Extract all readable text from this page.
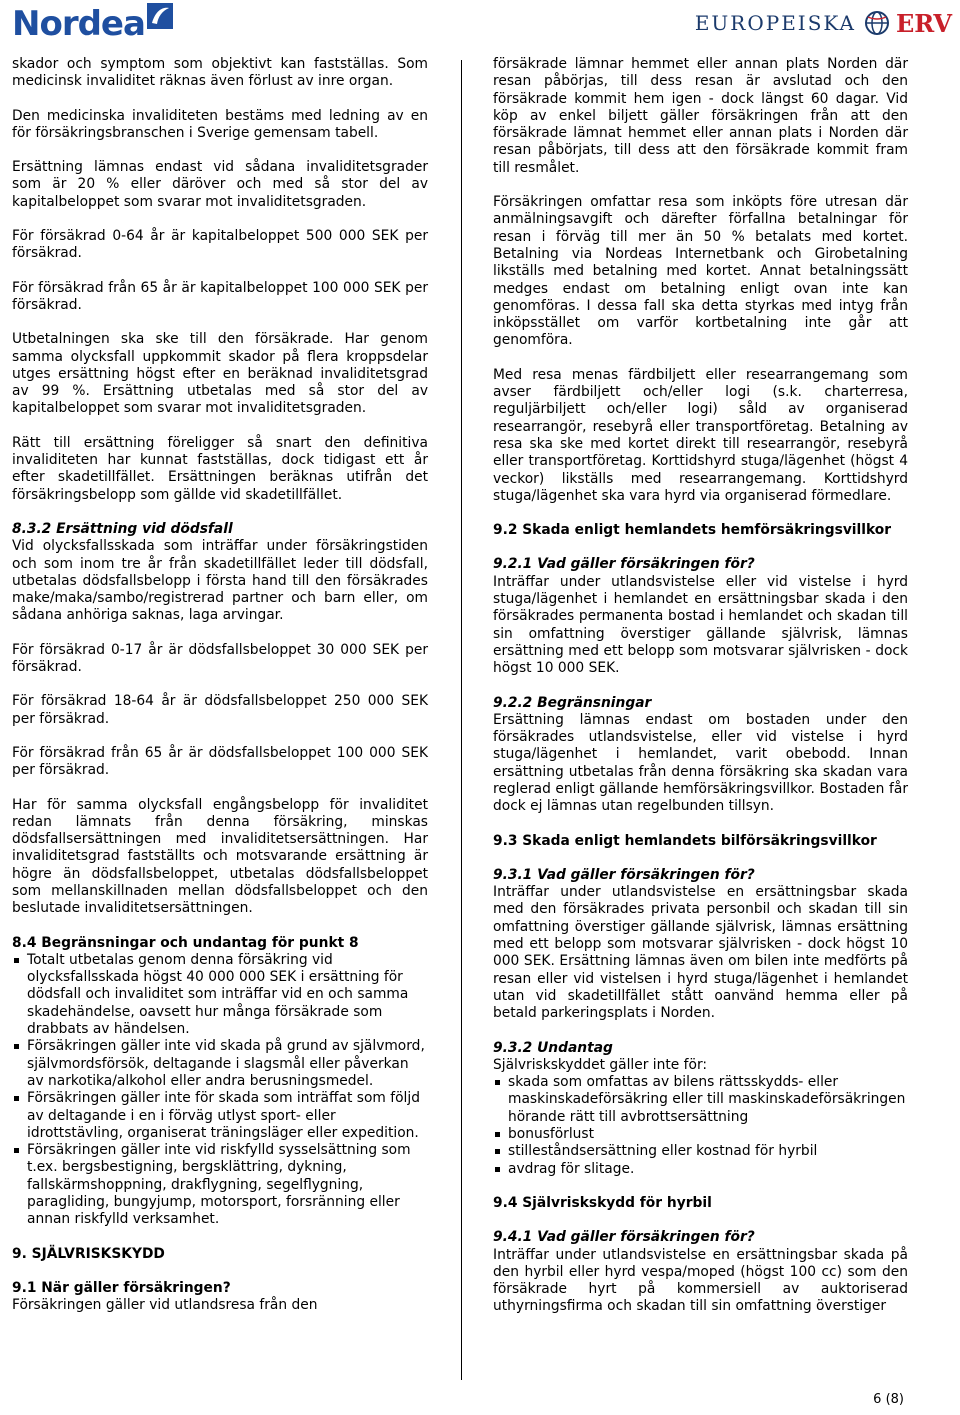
Nordea	EUROPEISKA ERV

skador och symptom som objektivt kan fastställas. Som medicinsk invaliditet räknas även förlust av inre organ.

Den medicinska invaliditeten bestäms med ledning av en för försäkringsbranschen i Sverige gemensam tabell.

Ersättning lämnas endast vid sådana invaliditetsgrader som är 20 % eller däröver och med så stor del av kapitalbeloppet som svarar mot invaliditetsgraden.

För försäkrad 0-64 år är kapitalbeloppet 500 000 SEK per försäkrad.

För försäkrad från 65 år är kapitalbeloppet 100 000 SEK per försäkrad.

Utbetalningen ska ske till den försäkrade. Har genom samma olycksfall uppkommit skador på flera kroppsdelar utges ersättning högst efter en beräknad invaliditetsgrad av 99 %. Ersättning utbetalas med så stor del av kapitalbeloppet som svarar mot invaliditetsgraden.

Rätt till ersättning föreligger så snart den definitiva invaliditeten har kunnat fastställas, dock tidigast ett år efter skadetillfället. Ersättningen beräknas utifrån det försäkringsbelopp som gällde vid skadetillfället.

8.3.2 Ersättning vid dödsfall

Vid olycksfallsskada som inträffar under försäkringstiden och som inom tre år från skadetillfället leder till dödsfall, utbetalas dödsfallsbelopp i första hand till den försäkrades make/maka/sambo/registrerad partner och barn eller, om sådana anhöriga saknas, laga arvingar.

För försäkrad 0-17 år är dödsfallsbeloppet 30 000 SEK per försäkrad.

För försäkrad 18-64 år är dödsfallsbeloppet 250 000 SEK per försäkrad.

För försäkrad från 65 år är dödsfallsbeloppet 100 000 SEK per försäkrad.

Har för samma olycksfall engångsbelopp för invaliditet redan lämnats från denna försäkring, minskas dödsfallsersättningen med invaliditetsersättningen. Har invaliditetsgrad fastställts och motsvarande ersättning är högre än dödsfallsbeloppet, utbetalas dödsfallsbeloppet som mellanskillnaden mellan dödsfallsbeloppet och den beslutade invaliditetsersättningen.

8.4 Begränsningar och undantag för punkt 8
Totalt utbetalas genom denna försäkring vid olycksfallsskada högst 40 000 000 SEK i ersättning för dödsfall och invaliditet som inträffar vid en och samma skadehändelse, oavsett hur många försäkrade som drabbats av händelsen.
Försäkringen gäller inte vid skada på grund av självmord, självmordsförsök, deltagande i slagsmål eller påverkan av narkotika/alkohol eller andra berusningsmedel.
Försäkringen gäller inte för skada som inträffat som följd av deltagande i en i förväg utlyst sport- eller idrottstävling, organiserat träningsläger eller expedition.
Försäkringen gäller inte vid riskfylld sysselsättning som t.ex. bergsbestigning, bergsklättring, dykning, fallskärmshoppning, drakflygning, segelflygning, paragliding, bungyjump, motorsport, forsränning eller annan riskfylld verksamhet.
9. SJÄLVRISKSKYDD
9.1 När gäller försäkringen?

Försäkringen gäller vid utlandsresa från den

försäkrade lämnar hemmet eller annan plats Norden där resan påbörjas, till dess resan är avslutad och den försäkrade kommit hem igen - dock längst 60 dagar. Vid köp av enkel biljett gäller försäkringen från att den försäkrade lämnat hemmet eller annan plats i Norden där resan påbörjats, till dess att den försäkrade kommit fram till resmålet.

Försäkringen omfattar resa som inköpts före utresan där anmälningsavgift och därefter förfallna betalningar för resan i förväg till mer än 50 % betalats med kortet. Betalning via Nordeas Internetbank och Girobetalning likställs med betalning med kortet. Annat betalningssätt medges endast om betalning enligt ovan inte kan genomföras. I dessa fall ska detta styrkas med intyg från inköpsstället om varför kortbetalning inte går att genomföra.

Med resa menas färdbiljett eller researrangemang som avser färdbiljett och/eller logi (s.k. charterresa, reguljärbiljett och/eller logi) såld av organiserad researrangör, resebyrå eller transportföretag. Betalning av resa ska ske med kortet direkt till researrangör, resebyrå eller transportföretag. Korttidshyrd stuga/lägenhet (högst 4 veckor) likställs med researrangemang. Korttidshyrd stuga/lägenhet ska vara hyrd via organiserad förmedlare.

9.2 Skada enligt hemlandets hemförsäkringsvillkor
9.2.1 Vad gäller försäkringen för?

Inträffar under utlandsvistelse eller vid vistelse i hyrd stuga/lägenhet i hemlandet en ersättningsbar skada i den försäkrades permanenta bostad i hemlandet och skadan till sin omfattning överstiger gällande självrisk, lämnas ersättning med ett belopp som motsvarar självrisken - dock högst 10 000 SEK.

9.2.2 Begränsningar

Ersättning lämnas endast om bostaden under den försäkrades utlandsvistelse, eller vid vistelse i hyrd stuga/lägenhet i hemlandet, varit obebodd. Innan ersättning utbetalas från denna försäkring ska skadan vara reglerad enligt gällande hemförsäkringsvillkor. Bostaden får dock ej lämnas utan regelbunden tillsyn.

9.3 Skada enligt hemlandets bilförsäkringsvillkor
9.3.1 Vad gäller försäkringen för?

Inträffar under utlandsvistelse en ersättningsbar skada med den försäkrades privata personbil och skadan till sin omfattning överstiger gällande självrisk, lämnas ersättning med ett belopp som motsvarar självrisken - dock högst 10 000 SEK. Ersättning lämnas även om bilen inte medförts på resan eller vid vistelsen i hyrd stuga/lägenhet i hemlandet utan vid skadetillfället stått oanvänd hemma eller på betald parkeringsplats i Norden.

9.3.2 Undantag

Självriskskyddet gäller inte för:

skada som omfattas av bilens rättsskydds- eller maskinskadeförsäkring eller till maskinskadeförsäkringen hörande rätt till avbrottsersättning
bonusförlust
stilleståndsersättning eller kostnad för hyrbil
avdrag för slitage.
9.4 Självriskskydd för hyrbil
9.4.1 Vad gäller försäkringen för?

Inträffar under utlandsvistelse en ersättningsbar skada på den hyrbil eller hyrd vespa/moped (högst 100 cc) som den försäkrade hyrt på kommersiell av auktoriserad uthyrningsfirma och skadan till sin omfattning överstiger

6 (8)
